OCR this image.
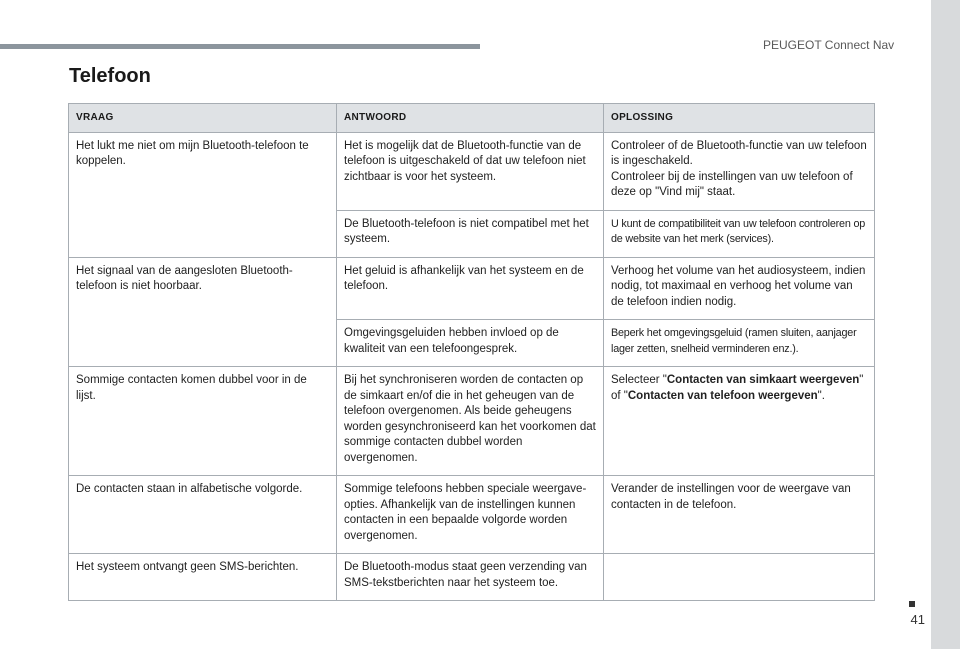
PEUGEOT Connect Nav
41
Telefoon
VRAAG	ANTWOORD	OPLOSSING
Het lukt me niet om mijn Bluetooth-telefoon te koppelen.	Het is mogelijk dat de Bluetooth-functie van de telefoon is uitgeschakeld of dat uw telefoon niet zichtbaar is voor het systeem.	Controleer of de Bluetooth-functie van uw telefoon is ingeschakeld.
Controleer bij de instellingen van uw telefoon of deze op "Vind mij" staat.

	De Bluetooth-telefoon is niet compatibel met het systeem.	U kunt de compatibiliteit van uw telefoon controleren op de website van het merk (services).
Het signaal van de aangesloten Bluetooth-telefoon is niet hoorbaar.	Het geluid is afhankelijk van het systeem en de telefoon.	Verhoog het volume van het audiosysteem, indien nodig, tot maximaal en verhoog het volume van de telefoon indien nodig.
	Omgevingsgeluiden hebben invloed op de kwaliteit van een telefoongesprek.	Beperk het omgevingsgeluid (ramen sluiten, aanjager lager zetten, snelheid verminderen enz.).
Sommige contacten komen dubbel voor in de lijst.	Bij het synchroniseren worden de contacten op de simkaart en/of die in het geheugen van de telefoon overgenomen. Als beide geheugens worden gesynchroniseerd kan het voorkomen dat sommige contacten dubbel worden overgenomen.	Selecteer "Contacten van simkaart weergeven" of "Contacten van telefoon weergeven".
De contacten staan in alfabetische volgorde.	Sommige telefoons hebben speciale weergave-opties. Afhankelijk van de instellingen kunnen contacten in een bepaalde volgorde worden overgenomen.	Verander de instellingen voor de weergave van contacten in de telefoon.
Het systeem ontvangt geen SMS-berichten.	De Bluetooth-modus staat geen verzending van SMS-tekstberichten naar het systeem toe.	
